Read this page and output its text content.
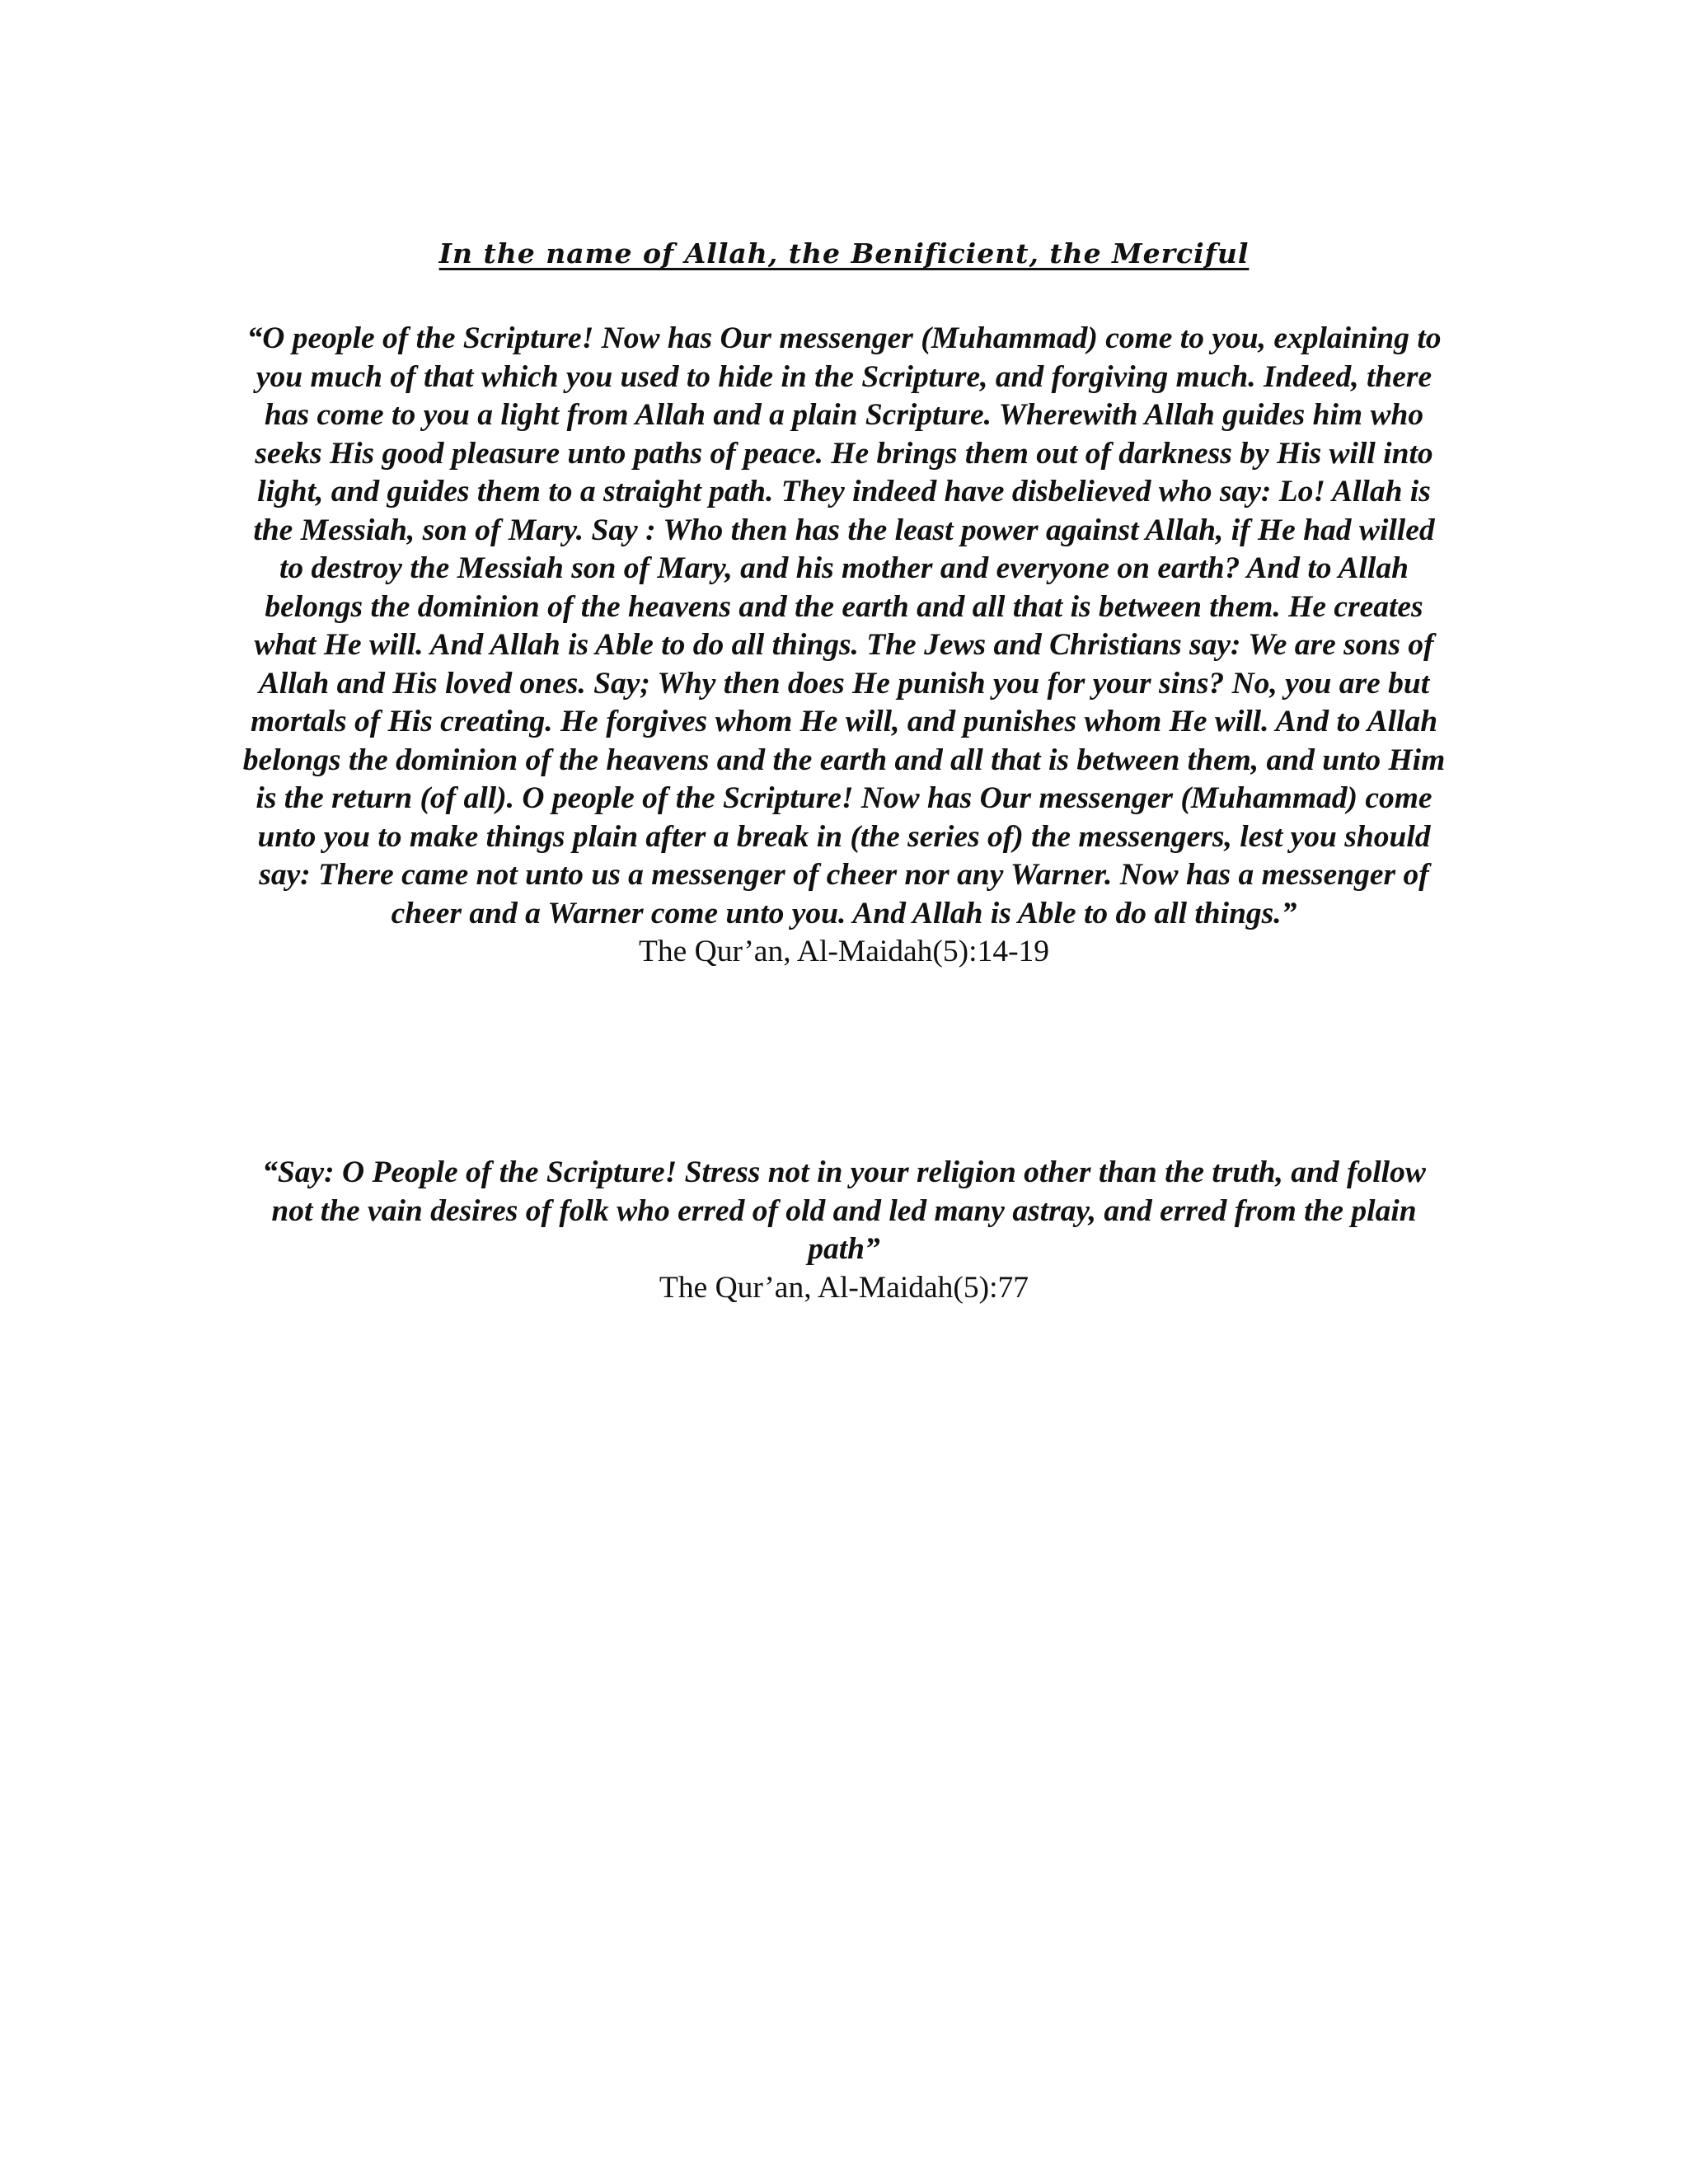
In the name of Allah, the Benificient, the Merciful

“O people of the Scripture! Now has Our messenger (Muhammad) come to you, explaining to you much of that which you used to hide in the Scripture, and forgiving much. Indeed, there has come to you a light from Allah and a plain Scripture. Wherewith Allah guides him who seeks His good pleasure unto paths of peace. He brings them out of darkness by His will into light, and guides them to a straight path. They indeed have disbelieved who say: Lo! Allah is the Messiah, son of Mary. Say : Who then has the least power against Allah, if He had willed to destroy the Messiah son of Mary, and his mother and everyone on earth? And to Allah belongs the dominion of the heavens and the earth and all that is between them. He creates what He will. And Allah is Able to do all things. The Jews and Christians say: We are sons of Allah and His loved ones. Say; Why then does He punish you for your sins? No, you are but mortals of His creating. He forgives whom He will, and punishes whom He will. And to Allah belongs the dominion of the heavens and the earth and all that is between them, and unto Him is the return (of all). O people of the Scripture! Now has Our messenger (Muhammad) come unto you to make things plain after a break in (the series of) the messengers, lest you should say: There came not unto us a messenger of cheer nor any Warner. Now has a messenger of cheer and a Warner come unto you. And Allah is Able to do all things.”

The Qur’an, Al-Maidah(5):14-19

“Say: O People of the Scripture! Stress not in your religion other than the truth, and follow not the vain desires of folk who erred of old and led many astray, and erred from the plain path”

The Qur’an, Al-Maidah(5):77
